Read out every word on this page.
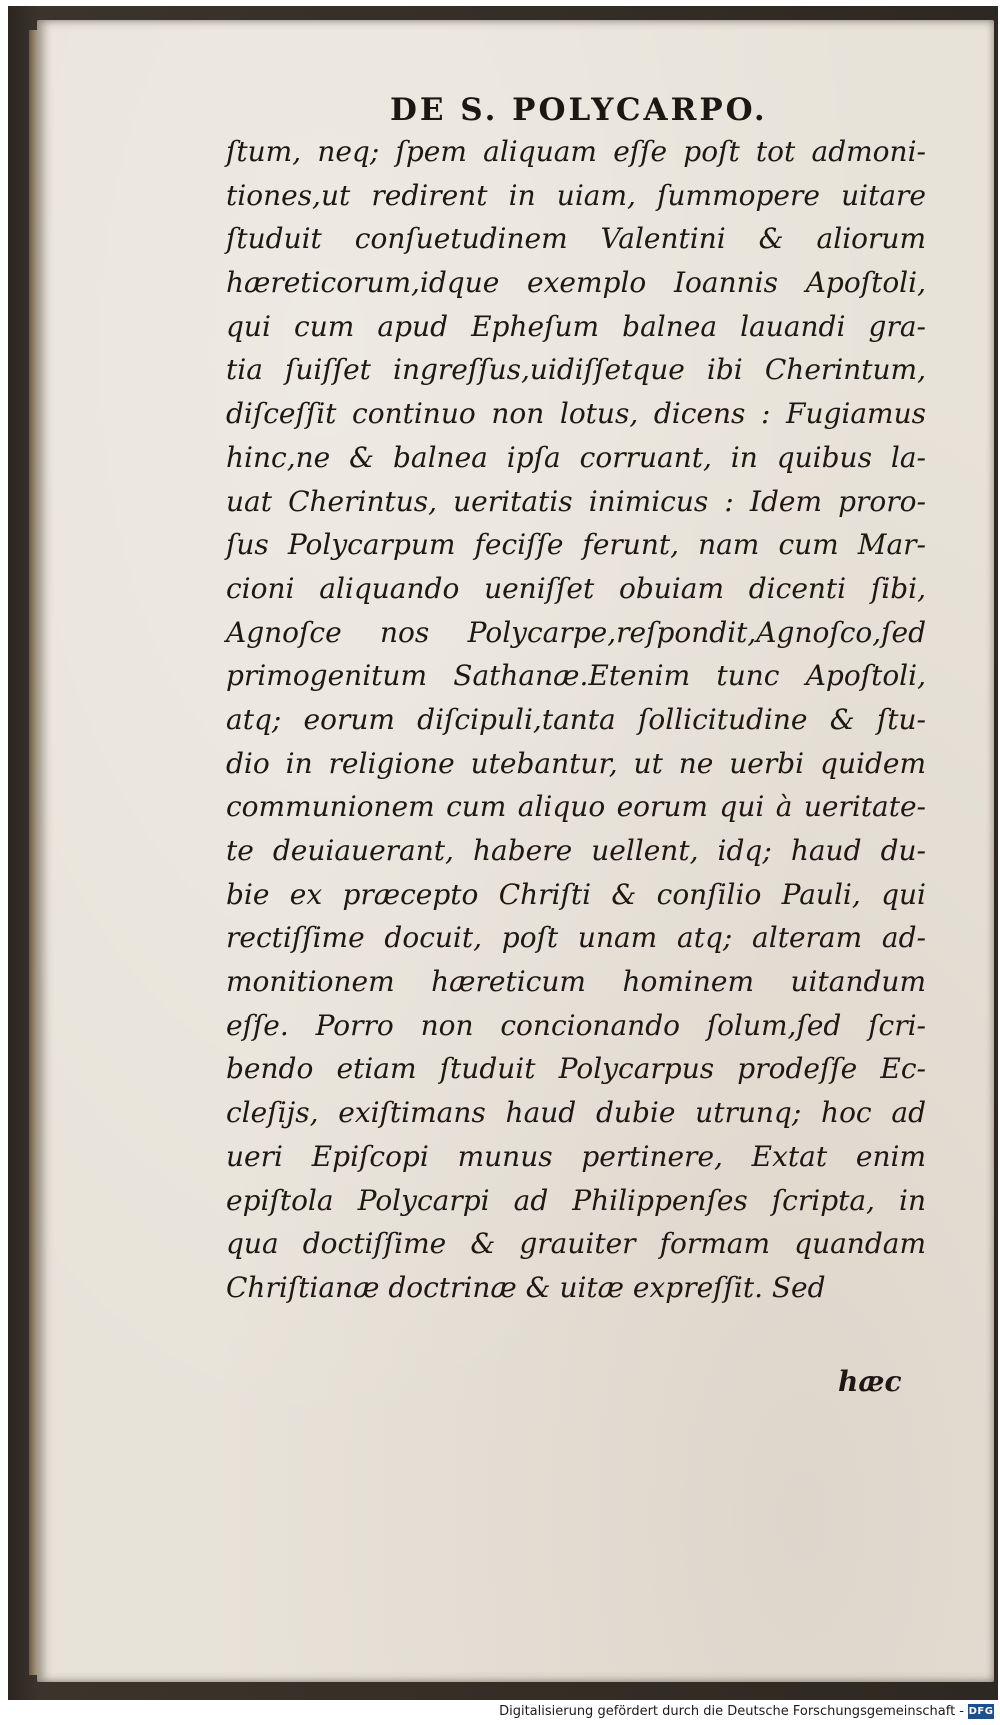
DE S. POLYCARPO.
ſtum, neq; ſpem aliquam eſſe poſt tot admoni-
tiones,ut redirent in uiam, ſummopere uitare
ſtuduit conſuetudinem Valentini & aliorum
hæreticorum,idque exemplo Ioannis Apoſtoli,
qui cum apud Epheſum balnea lauandi gra-
tia ſuiſſet ingreſſus,uidiſſetque ibi Cherintum,
diſceſſit continuo non lotus, dicens : Fugiamus
hinc,ne & balnea ipſa corruant, in quibus la-
uat Cherintus, ueritatis inimicus : Idem proro-
ſus Polycarpum feciſſe ferunt, nam cum Mar-
cioni aliquando ueniſſet obuiam dicenti ſibi,
Agnoſce nos Polycarpe,reſpondit,Agnoſco,ſed
primogenitum Sathanæ.Etenim tunc Apoſtoli,
atq; eorum diſcipuli,tanta ſollicitudine & ſtu-
dio in religione utebantur, ut ne uerbi quidem
communionem cum aliquo eorum qui à ueritate-
te deuiauerant, habere uellent, idq; haud du-
bie ex præcepto Chriſti & conſilio Pauli, qui
rectiſſime docuit, poſt unam atq; alteram ad-
monitionem hæreticum hominem uitandum
eſſe. Porro non concionando ſolum,ſed ſcri-
bendo etiam ſtuduit Polycarpus prodeſſe Ec-
cleſijs, exiſtimans haud dubie utrunq; hoc ad
ueri Epiſcopi munus pertinere, Extat enim
epiſtola Polycarpi ad Philippenſes ſcripta, in
qua doctiſſime & grauiter formam quandam
Chriſtianæ doctrinæ & uitæ expreſſit. Sed
hæc
Digitalisierung gefördert durch die Deutsche Forschungsgemeinschaft - DFG
